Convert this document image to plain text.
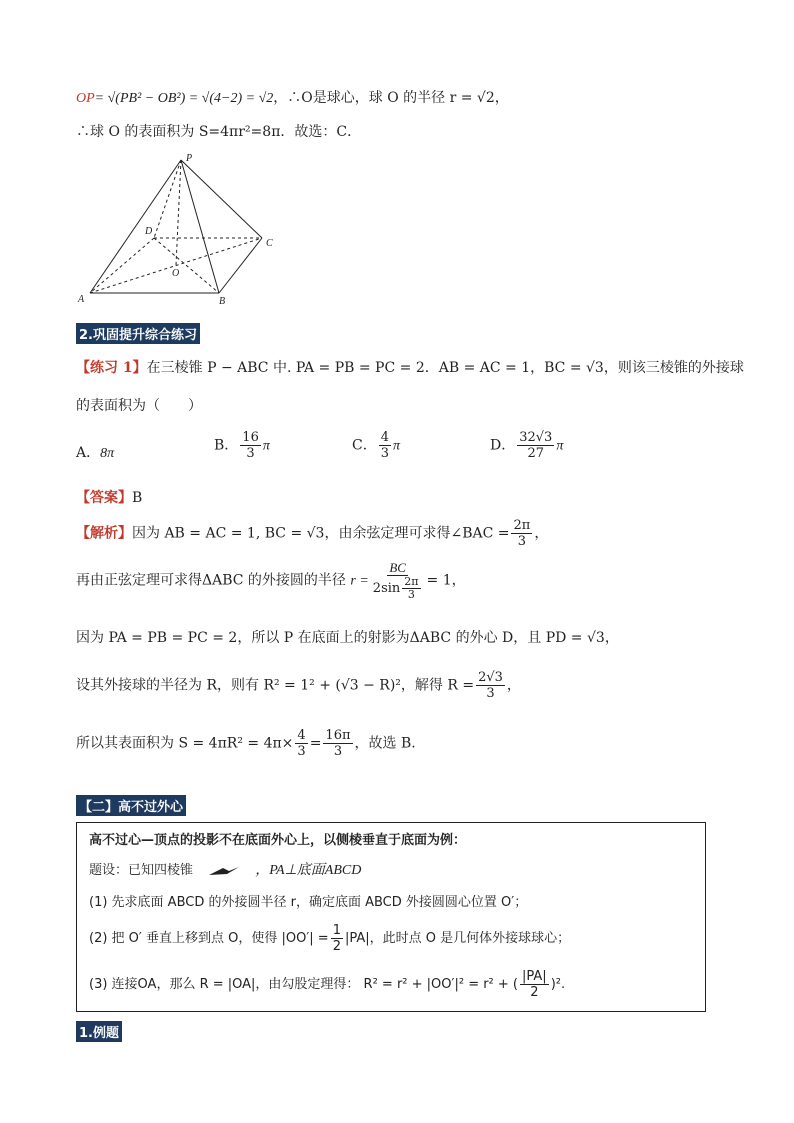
OP= √(PB² − OB²) = √(4−2) = √2，∴O是球心，球 O 的半径 r = √2，
∴球 O 的表面积为 S=4πr²=8π．故选：C．
P
D
C
O
A	B
2.巩固提升综合练习
【练习 1】在三棱锥 P − ABC 中. PA = PB = PC = 2．AB = AC = 1，BC = √3，则该三棱锥的外接球
的表面积为（　　）
A．8π	B． $\frac{16}{3}$ π	C． $\frac{4}{3}$ π	D． $\frac{32√3}{27}$ π
【答案】B
【解析】因为 AB = AC = 1, BC = √3，由余弦定理可求得∠BAC = $\frac{2\pi}{3}$ ，
再由正弦定理可求得ΔABC 的外接圆的半径 $r = \frac{BC}{2\sin \frac{2\pi}{3}} = 1$，
因为 PA = PB = PC = 2，所以 P 在底面上的射影为ΔABC 的外心 D，且 PD = √3，
设其外接球的半径为 R，则有 R² = 1² + (√3 − R)²，解得 $R = \frac{2√3}{3}$ ，
所以其表面积为 $S = 4\pi R^2 = 4\pi\times \frac{4}{3} = \frac{16\pi}{3}$ ，故选 B.
【二】高不过外心
高不过心—顶点的投影不在底面外心上，以侧棱垂直于底面为例：
题设：已知四棱锥	，PA⊥底面ABCD
(1) 先求底面 ABCD 的外接圆半径 r，确定底面 ABCD 外接圆圆心位置 O′；
(2) 把 O′ 垂直上移到点 O，使得 $|OO'| = \frac{1}{2} |PA|$，此时点 O 是几何体外接球球心；
(3) 连接OA，那么 R = |OA|，由勾股定理得： R² = r² + |OO′|² = r² + ( $\frac{|PA|}{2} )^2$.
1.例题
